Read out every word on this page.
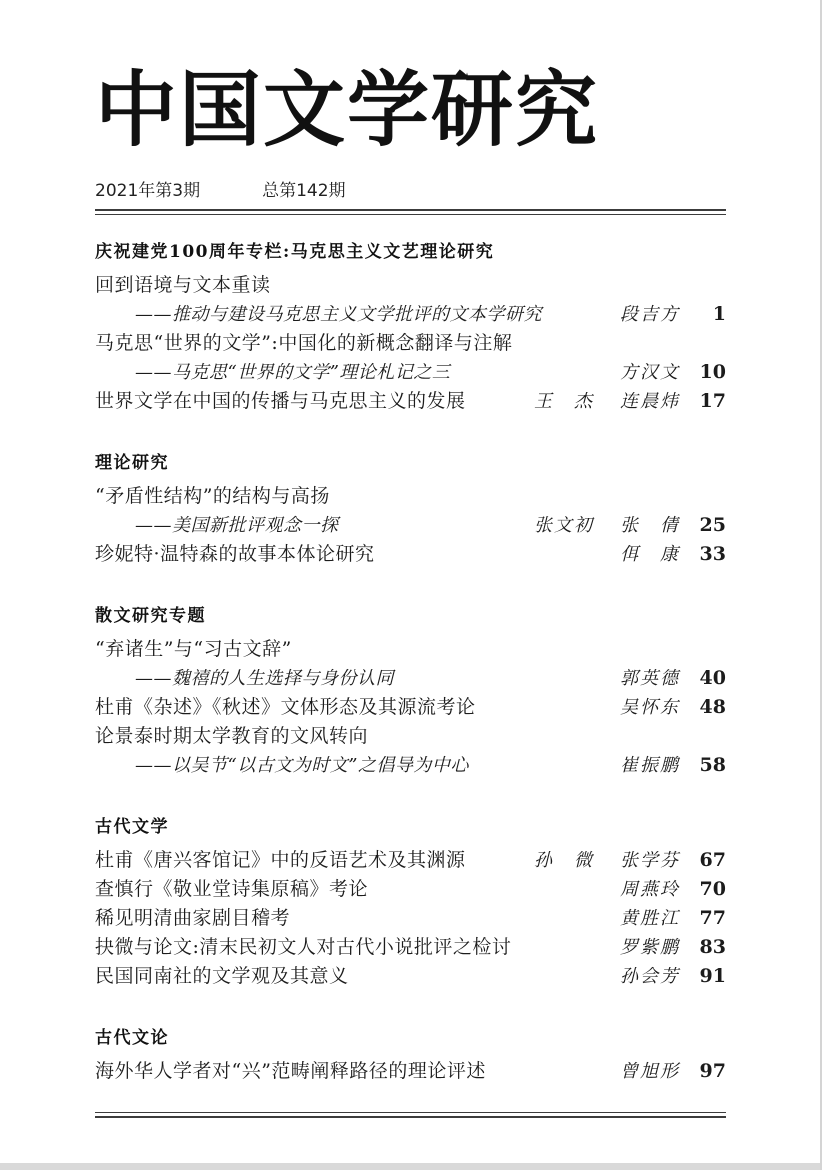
中国文学研究
2021年第3期	总第142期
庆祝建党100周年专栏:马克思主义文艺理论研究
回到语境与文本重读
——推动与建设马克思主义文学批评的文本学研究	段吉方	1
马克思“世界的文学”:中国化的新概念翻译与注解
——马克思“世界的文学”理论札记之三	方汉文	10
世界文学在中国的传播与马克思主义的发展	王　杰 连晨炜	17
理论研究
“矛盾性结构”的结构与高扬
——美国新批评观念一探	张文初 张　倩	25
珍妮特·温特森的故事本体论研究	佴　康	33
散文研究专题
“弃诸生”与“习古文辞”
——魏禧的人生选择与身份认同	郭英德	40
杜甫《杂述》《秋述》文体形态及其源流考论	吴怀东	48
论景泰时期太学教育的文风转向
——以吴节“以古文为时文”之倡导为中心	崔振鹏	58
古代文学
杜甫《唐兴客馆记》中的反语艺术及其渊源	孙　微 张学芬	67
查慎行《敬业堂诗集原稿》考论	周燕玲	70
稀见明清曲家剧目稽考	黄胜江	77
抉微与论文:清末民初文人对古代小说批评之检讨	罗紫鹏	83
民国同南社的文学观及其意义	孙会芳	91
古代文论
海外华人学者对“兴”范畴阐释路径的理论评述	曾旭形	97
